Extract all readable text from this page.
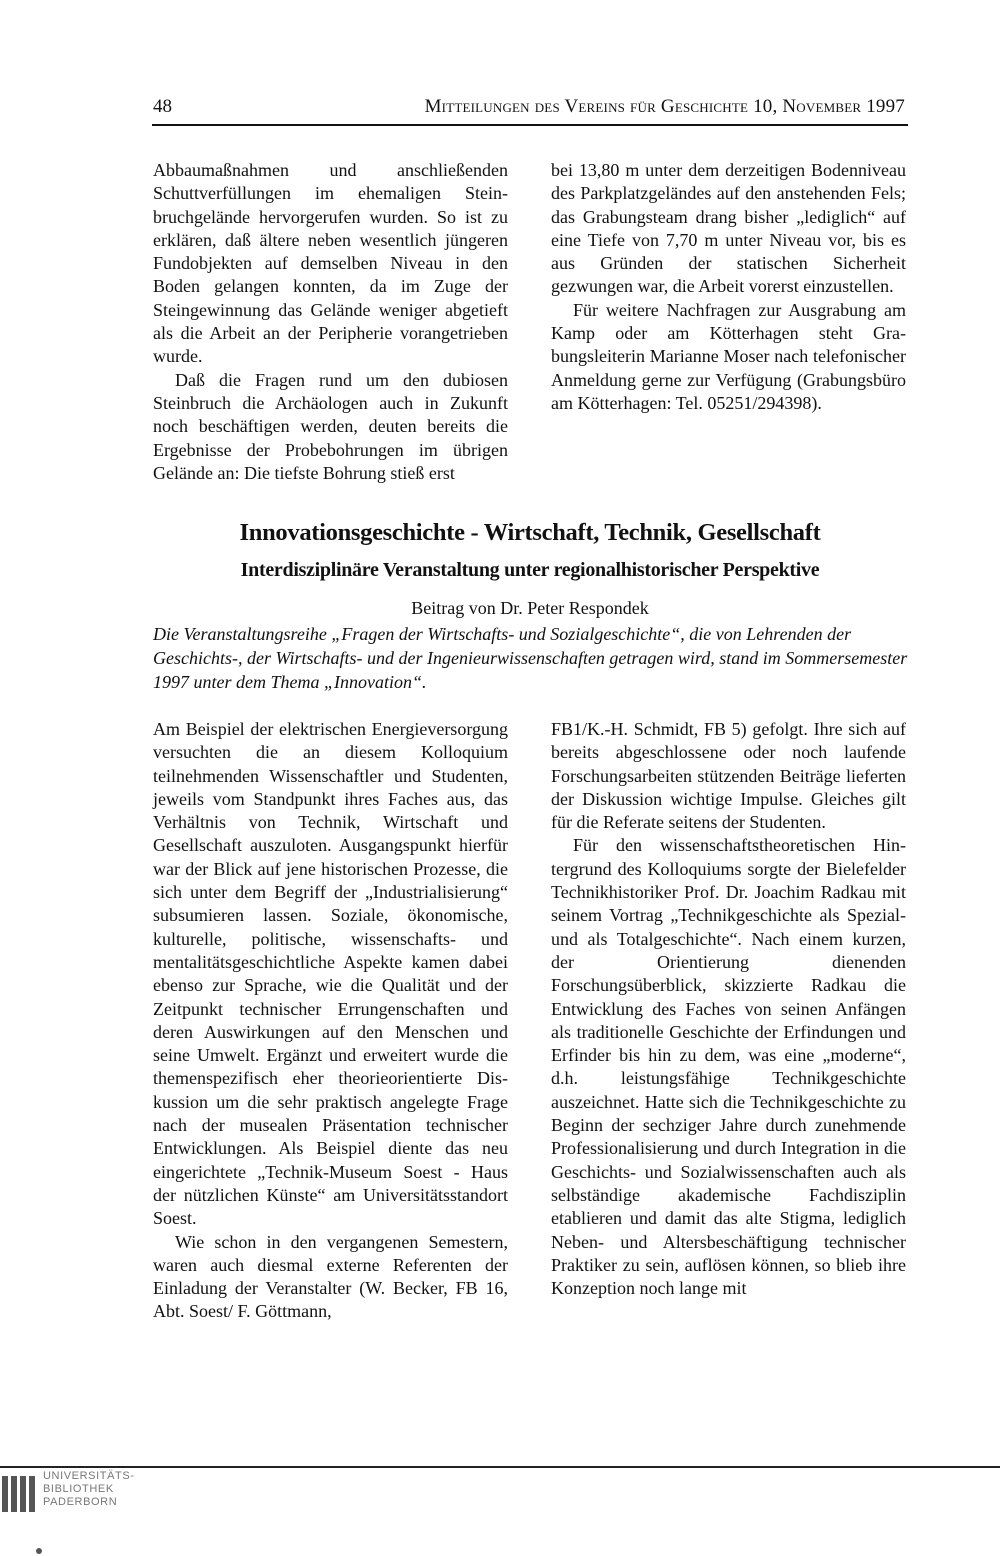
48	Mitteilungen des Vereins für Geschichte 10, November 1997

Abbaumaßnahmen und anschließenden Schuttverfüllungen im ehemaligen Steinbruchgelände hervorgerufen wurden. So ist zu erklären, daß ältere neben wesentlich jüngeren Fundobjekten auf demselben Niveau in den Boden gelangen konnten, da im Zuge der Steingewinnung das Gelände weniger abgetieft als die Arbeit an der Peripherie vorangetrieben wurde.

Daß die Fragen rund um den dubiosen Steinbruch die Archäologen auch in Zukunft noch beschäftigen werden, deuten bereits die Ergebnisse der Probebohrungen im übrigen Gelände an: Die tiefste Bohrung stieß erst

bei 13,80 m unter dem derzeitigen Bodenniveau des Parkplatzgeländes auf den anstehenden Fels; das Grabungsteam drang bisher „lediglich“ auf eine Tiefe von 7,70 m unter Niveau vor, bis es aus Gründen der statischen Sicherheit gezwungen war, die Arbeit vorerst einzustellen.

Für weitere Nachfragen zur Ausgrabung am Kamp oder am Kötterhagen steht Grabungsleiterin Marianne Moser nach telefonischer Anmeldung gerne zur Verfügung (Grabungsbüro am Kötterhagen: Tel. 05251/294398).

Innovationsgeschichte - Wirtschaft, Technik, Gesellschaft
Interdisziplinäre Veranstaltung unter regionalhistorischer Perspektive
Beitrag von Dr. Peter Respondek
Die Veranstaltungsreihe „Fragen der Wirtschafts- und Sozialgeschichte“, die von Lehrenden der Geschichts-, der Wirtschafts- und der Ingenieurwissenschaften getragen wird, stand im Sommersemester 1997 unter dem Thema „Innovation“.

Am Beispiel der elektrischen Energieversorgung versuchten die an diesem Kolloquium teilnehmenden Wissenschaftler und Studenten, jeweils vom Standpunkt ihres Faches aus, das Verhältnis von Technik, Wirtschaft und Gesellschaft auszuloten. Ausgangspunkt hierfür war der Blick auf jene historischen Prozesse, die sich unter dem Begriff der „Industrialisierung“ subsumieren lassen. Soziale, ökonomische, kulturelle, politische, wissenschafts- und mentalitätsgeschichtliche Aspekte kamen dabei ebenso zur Sprache, wie die Qualität und der Zeitpunkt technischer Errungenschaften und deren Auswirkungen auf den Menschen und seine Umwelt. Ergänzt und erweitert wurde die themenspezifisch eher theorieorientierte Diskussion um die sehr praktisch angelegte Frage nach der musealen Präsentation technischer Entwicklungen. Als Beispiel diente das neu eingerichtete „Technik-Museum Soest - Haus der nützlichen Künste“ am Universitätsstandort Soest.

Wie schon in den vergangenen Semestern, waren auch diesmal externe Referenten der Einladung der Veranstalter (W. Becker, FB 16, Abt. Soest/ F. Göttmann,

FB1/K.-H. Schmidt, FB 5) gefolgt. Ihre sich auf bereits abgeschlossene oder noch laufende Forschungsarbeiten stützenden Beiträge lieferten der Diskussion wichtige Impulse. Gleiches gilt für die Referate seitens der Studenten.

Für den wissenschaftstheoretischen Hintergrund des Kolloquiums sorgte der Bielefelder Technikhistoriker Prof. Dr. Joachim Radkau mit seinem Vortrag „Technikgeschichte als Spezial- und als Totalgeschichte“. Nach einem kurzen, der Orientierung dienenden Forschungsüberblick, skizzierte Radkau die Entwicklung des Faches von seinen Anfängen als traditionelle Geschichte der Erfindungen und Erfinder bis hin zu dem, was eine „moderne“, d.h. leistungsfähige Technikgeschichte auszeichnet. Hatte sich die Technikgeschichte zu Beginn der sechziger Jahre durch zunehmende Professionalisierung und durch Integration in die Geschichts- und Sozialwissenschaften auch als selbständige akademische Fachdisziplin etablieren und damit das alte Stigma, lediglich Neben- und Altersbeschäftigung technischer Praktiker zu sein, auflösen können, so blieb ihre Konzeption noch lange mit

UNIVERSITÄTS-
BIBLIOTHEK
PADERBORN
